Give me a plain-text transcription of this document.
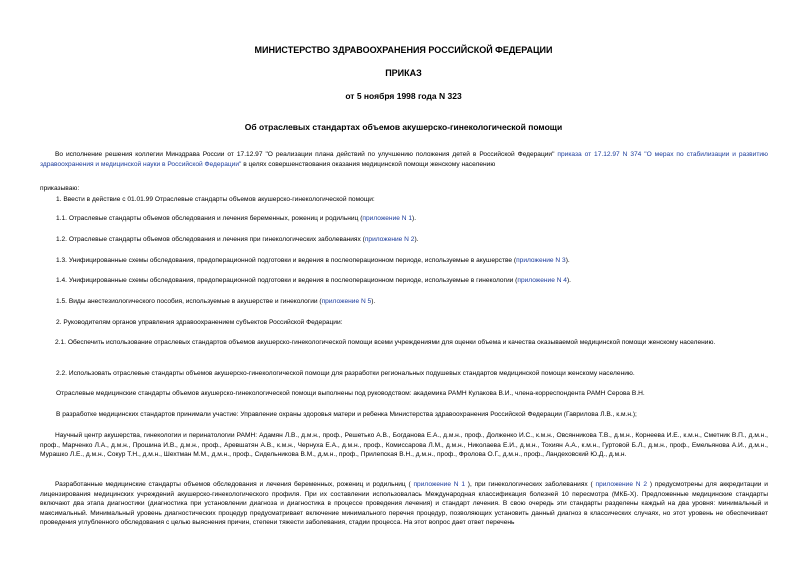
МИНИСТЕРСТВО ЗДРАВООХРАНЕНИЯ РОССИЙСКОЙ ФЕДЕРАЦИИ
ПРИКАЗ
от 5 ноября 1998 года N 323
Об отраслевых стандартах объемов акушерско-гинекологической помощи
Во исполнение решения коллегии Минздрава России от 17.12.97 "О реализации плана действий по улучшению положения детей в Российской Федерации" приказа от 17.12.97 N 374 "О мерах по стабилизации и развитию здравоохранения и медицинской науки в Российской Федерации" в целях совершенствования оказания медицинской помощи женскому населению
приказываю:
1. Ввести в действие с 01.01.99 Отраслевые стандарты объемов акушерско-гинекологической помощи:
1.1. Отраслевые стандарты объемов обследования и лечения беременных, рожениц и родильниц (приложение N 1).
1.2. Отраслевые стандарты объемов обследования и лечения при гинекологических заболеваниях (приложение N 2).
1.3. Унифицированные схемы обследования, предоперационной подготовки и ведения в послеоперационном периоде, используемые в акушерстве (приложение N 3).
1.4. Унифицированные схемы обследования, предоперационной подготовки и ведения в послеоперационном периоде, используемые в гинекологии (приложение N 4).
1.5. Виды анестезиологического пособия, используемые в акушерстве и гинекологии (приложение N 5).
2. Руководителям органов управления здравоохранением субъектов Российской Федерации:
2.1. Обеспечить использование отраслевых стандартов объемов акушерско-гинекологической помощи всеми учреждениями для оценки объема и качества оказываемой медицинской помощи женскому населению.
2.2. Использовать отраслевые стандарты объемов акушерско-гинекологической помощи для разработки региональных подушевых стандартов медицинской помощи женскому населению.
Отраслевые медицинские стандарты объемов акушерско-гинекологической помощи выполнены под руководством: академика РАМН Кулакова В.И., члена-корреспондента РАМН Серова В.Н.
В разработке медицинских стандартов принимали участие: Управление охраны здоровья матери и ребенка Министерства здравоохранения Российской Федерации (Гаврилова Л.В., к.м.н.);
Научный центр акушерства, гинекологии и перинатологии РАМН: Адамян Л.В., д.м.н., проф., Решетько А.В., Богданова Е.А., д.м.н., проф., Долженко И.С., к.м.н., Овсянникова Т.В., д.м.н., Корнеева И.Е., к.м.н., Сметник В.П., д.м.н., проф., Марченко Л.А., д.м.н., Прошина И.В., д.м.н., проф., Аревшатян А.В., к.м.н., Чернуха Е.А., д.м.н., проф., Комиссарова Л.М., д.м.н., Николаева Е.И., д.м.н., Тохиян А.А., к.м.н., Гуртовой Б.Л., д.м.н., проф., Емельянова А.И., д.м.н., Мурашко Л.Е., д.м.н., Сокур Т.Н., д.м.н., Шехтман М.М., д.м.н., проф., Сидельникова В.М., д.м.н., проф., Прилепская В.Н., д.м.н., проф., Фролова О.Г., д.м.н., проф., Ландеховский Ю.Д., д.м.н.
Разработанные медицинские стандарты объемов обследования и лечения беременных, рожениц и родильниц ( приложение N 1 ), при гинекологических заболеваниях ( приложение N 2 ) предусмотрены для аккредитации и лицензирования медицинских учреждений акушерско-гинекологического профиля. При их составлении использовалась Международная классификация болезней 10 пересмотра (МКБ-Х). Предложенные медицинские стандарты включают два этапа диагностики (диагностика при установлении диагноза и диагностика в процессе проведения лечения) и стандарт лечения. В свою очередь эти стандарты разделены каждый на два уровня: минимальный и максимальный. Минимальный уровень диагностических процедур предусматривает включение минимального перечня процедур, позволяющих установить данный диагноз в классических случаях, но этот уровень не обеспечивает проведения углубленного обследования с целью выяснения причин, степени тяжести заболевания, стадии процесса. На этот вопрос дает ответ перечень
